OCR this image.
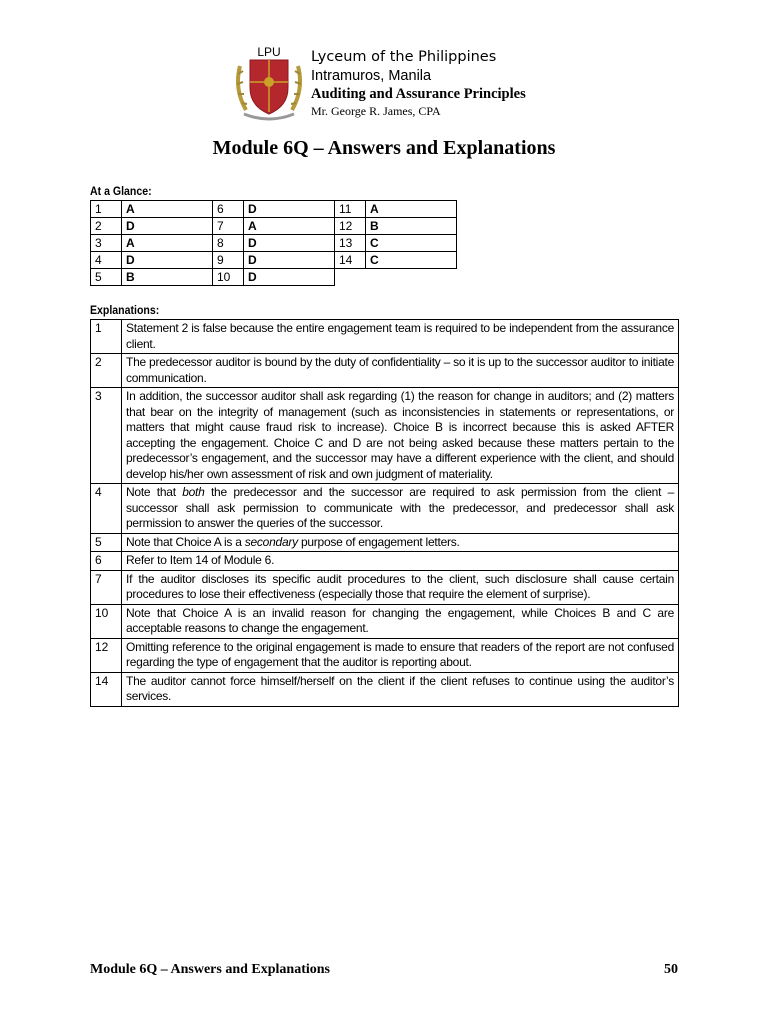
LPU Lyceum of the Philippines
Intramuros, Manila
Auditing and Assurance Principles
Mr. George R. James, CPA
Module 6Q – Answers and Explanations
At a Glance:
1	A	6	D	11	A
2	D	7	A	12	B
3	A	8	D	13	C
4	D	9	D	14	C
5	B	10	D		
Explanations:
1	Statement 2 is false because the entire engagement team is required to be independent from the assurance client.
2	The predecessor auditor is bound by the duty of confidentiality – so it is up to the successor auditor to initiate communication.
3	In addition, the successor auditor shall ask regarding (1) the reason for change in auditors; and (2) matters that bear on the integrity of management (such as inconsistencies in statements or representations, or matters that might cause fraud risk to increase). Choice B is incorrect because this is asked AFTER accepting the engagement. Choice C and D are not being asked because these matters pertain to the predecessor’s engagement, and the successor may have a different experience with the client, and should develop his/her own assessment of risk and own judgment of materiality.
4	Note that both the predecessor and the successor are required to ask permission from the client – successor shall ask permission to communicate with the predecessor, and predecessor shall ask permission to answer the queries of the successor.
5	Note that Choice A is a secondary purpose of engagement letters.
6	Refer to Item 14 of Module 6.
7	If the auditor discloses its specific audit procedures to the client, such disclosure shall cause certain procedures to lose their effectiveness (especially those that require the element of surprise).
10	Note that Choice A is an invalid reason for changing the engagement, while Choices B and C are acceptable reasons to change the engagement.
12	Omitting reference to the original engagement is made to ensure that readers of the report are not confused regarding the type of engagement that the auditor is reporting about.
14	The auditor cannot force himself/herself on the client if the client refuses to continue using the auditor’s services.
Module 6Q – Answers and Explanations	50
